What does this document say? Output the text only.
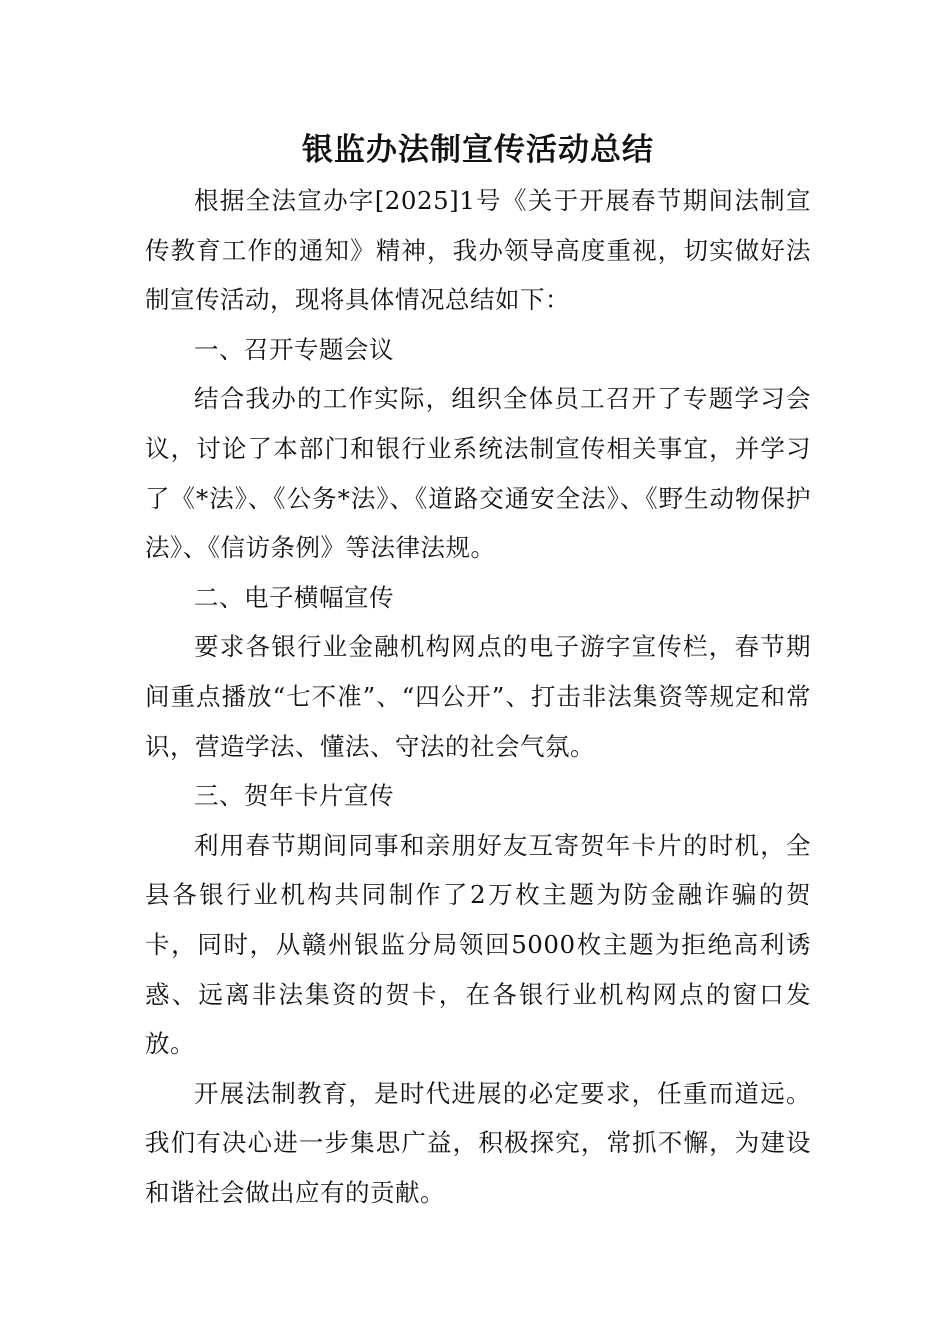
银监办法制宣传活动总结

根据全法宣办字[2025]1号《关于开展春节期间法制宣传教育工作的通知》精神，我办领导高度重视，切实做好法制宣传活动，现将具体情况总结如下：

一、召开专题会议

结合我办的工作实际，组织全体员工召开了专题学习会议，讨论了本部门和银行业系统法制宣传相关事宜，并学习了《*法》、《公务*法》、《道路交通安全法》、《野生动物保护法》、《信访条例》等法律法规。

二、电子横幅宣传

要求各银行业金融机构网点的电子游字宣传栏，春节期间重点播放“七不准”、“四公开”、打击非法集资等规定和常识，营造学法、懂法、守法的社会气氛。

三、贺年卡片宣传

利用春节期间同事和亲朋好友互寄贺年卡片的时机，全县各银行业机构共同制作了2万枚主题为防金融诈骗的贺卡，同时，从赣州银监分局领回5000枚主题为拒绝高利诱惑、远离非法集资的贺卡，在各银行业机构网点的窗口发放。

开展法制教育，是时代进展的必定要求，任重而道远。我们有决心进一步集思广益，积极探究，常抓不懈，为建设和谐社会做出应有的贡献。
